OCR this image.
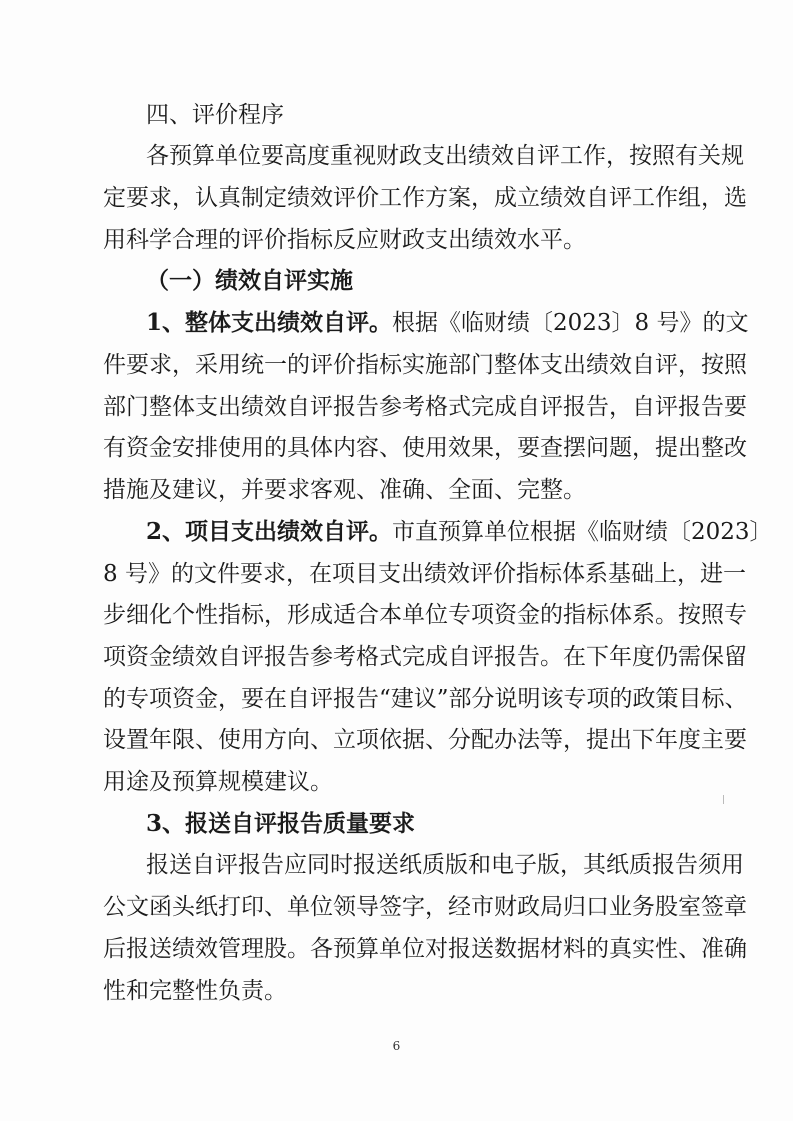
四、评价程序
各预算单位要高度重视财政支出绩效自评工作，按照有关规
定要求，认真制定绩效评价工作方案，成立绩效自评工作组，选
用科学合理的评价指标反应财政支出绩效水平。
（一）绩效自评实施
1、整体支出绩效自评。根据《临财绩〔2023〕8 号》的文
件要求，采用统一的评价指标实施部门整体支出绩效自评，按照
部门整体支出绩效自评报告参考格式完成自评报告，自评报告要
有资金安排使用的具体内容、使用效果，要查摆问题，提出整改
措施及建议，并要求客观、准确、全面、完整。
2、项目支出绩效自评。市直预算单位根据《临财绩〔2023〕
8 号》的文件要求，在项目支出绩效评价指标体系基础上，进一
步细化个性指标，形成适合本单位专项资金的指标体系。按照专
项资金绩效自评报告参考格式完成自评报告。在下年度仍需保留
的专项资金，要在自评报告“建议”部分说明该专项的政策目标、
设置年限、使用方向、立项依据、分配办法等，提出下年度主要
用途及预算规模建议。
3、报送自评报告质量要求
报送自评报告应同时报送纸质版和电子版，其纸质报告须用
公文函头纸打印、单位领导签字，经市财政局归口业务股室签章
后报送绩效管理股。各预算单位对报送数据材料的真实性、准确
性和完整性负责。
6
